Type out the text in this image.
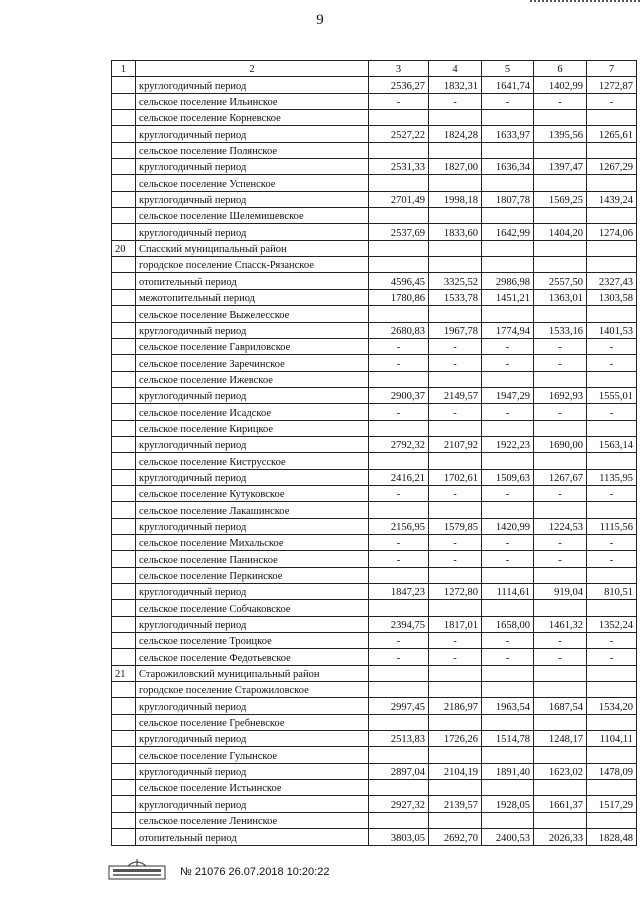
9
1	2	3	4	5	6	7
	круглогодичный период	2536,27	1832,31	1641,74	1402,99	1272,87
	сельское поселение Ильинское	-	-	-	-	-
	сельское поселение Корневское					
	круглогодичный период	2527,22	1824,28	1633,97	1395,56	1265,61
	сельское поселение Полянское					
	круглогодичный период	2531,33	1827,00	1636,34	1397,47	1267,29
	сельское поселение Успенское					
	круглогодичный период	2701,49	1998,18	1807,78	1569,25	1439,24
	сельское поселение Шелемишевское					
	круглогодичный период	2537,69	1833,60	1642,99	1404,20	1274,06
20	Спасский муниципальный район					
	городское поселение Спасск-Рязанское					
	отопительный период	4596,45	3325,52	2986,98	2557,50	2327,43
	межотопительный период	1780,86	1533,78	1451,21	1363,01	1303,58
	сельское поселение Выжелесское					
	круглогодичный период	2680,83	1967,78	1774,94	1533,16	1401,53
	сельское поселение Гавриловское	-	-	-	-	-
	сельское поселение Заречинское	-	-	-	-	-
	сельское поселение Ижевское					
	круглогодичный период	2900,37	2149,57	1947,29	1692,93	1555,01
	сельское поселение Исадское	-	-	-	-	-
	сельское поселение Кирицкое					
	круглогодичный период	2792,32	2107,92	1922,23	1690,00	1563,14
	сельское поселение Киструсское					
	круглогодичный период	2416,21	1702,61	1509,63	1267,67	1135,95
	сельское поселение Кутуковское	-	-	-	-	-
	сельское поселение Лакашинское					
	круглогодичный период	2156,95	1579,85	1420,99	1224,53	1115,56
	сельское поселение Михальское	-	-	-	-	-
	сельское поселение Панинское	-	-	-	-	-
	сельское поселение Перкинское					
	круглогодичный период	1847,23	1272,80	1114,61	919,04	810,51
	сельское поселение Собчаковское					
	круглогодичный период	2394,75	1817,01	1658,00	1461,32	1352,24
	сельское поселение Троицкое	-	-	-	-	-
	сельское поселение Федотьевское	-	-	-	-	-
21	Старожиловский муниципальный район					
	городское поселение Старожиловское					
	круглогодичный период	2997,45	2186,97	1963,54	1687,54	1534,20
	сельское поселение Гребневское					
	круглогодичный период	2513,83	1726,26	1514,78	1248,17	1104,11
	сельское поселение Гулынское					
	круглогодичный период	2897,04	2104,19	1891,40	1623,02	1478,09
	сельское поселение Истьинское					
	круглогодичный период	2927,32	2139,57	1928,05	1661,37	1517,29
	сельское поселение Ленинское					
	отопительный период	3803,05	2692,70	2400,53	2026,33	1828,48
№ 21076 26.07.2018 10:20:22
